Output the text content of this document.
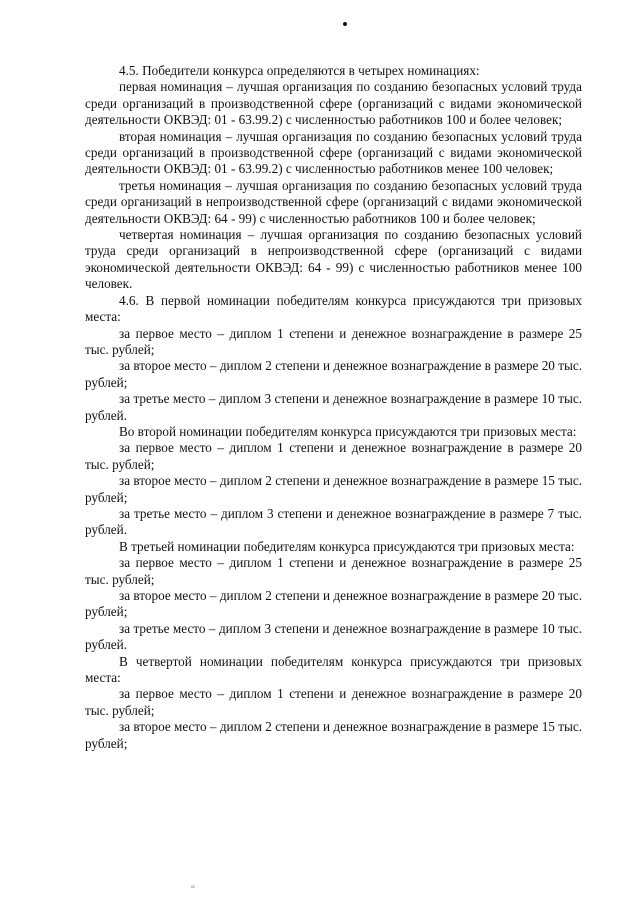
4.5. Победители конкурса определяются в четырех номинациях:

первая номинация – лучшая организация по созданию безопасных условий труда среди организаций в производственной сфере (организаций с видами экономической деятельности ОКВЭД: 01 - 63.99.2) с численностью работников 100 и более человек;

вторая номинация – лучшая организация по созданию безопасных условий труда среди организаций в производственной сфере (организаций с видами экономической деятельности ОКВЭД: 01 - 63.99.2) с численностью работников менее 100 человек;

третья номинация – лучшая организация по созданию безопасных условий труда среди организаций в непроизводственной сфере (организаций с видами экономической деятельности ОКВЭД: 64 - 99) с численностью работников 100 и более человек;

четвертая номинация – лучшая организация по созданию безопасных условий труда среди организаций в непроизводственной сфере (организаций с видами экономической деятельности ОКВЭД: 64 - 99) с численностью работников менее 100 человек.

4.6. В первой номинации победителям конкурса присуждаются три призовых места:

за первое место – диплом 1 степени и денежное вознаграждение в размере 25 тыс. рублей;

за второе место – диплом 2 степени и денежное вознаграждение в размере 20 тыс. рублей;

за третье место – диплом 3 степени и денежное вознаграждение в размере 10 тыс. рублей.

Во второй номинации победителям конкурса присуждаются три призовых места:

за первое место – диплом 1 степени и денежное вознаграждение в размере 20 тыс. рублей;

за второе место – диплом 2 степени и денежное вознаграждение в размере 15 тыс. рублей;

за третье место – диплом 3 степени и денежное вознаграждение в размере 7 тыс. рублей.

В третьей номинации победителям конкурса присуждаются три призовых места:

за первое место – диплом 1 степени и денежное вознаграждение в размере 25 тыс. рублей;

за второе место – диплом 2 степени и денежное вознаграждение в размере 20 тыс. рублей;

за третье место – диплом 3 степени и денежное вознаграждение в размере 10 тыс. рублей.

В четвертой номинации победителям конкурса присуждаются три призовых места:

за первое место – диплом 1 степени и денежное вознаграждение в размере 20 тыс. рублей;

за второе место – диплом 2 степени и денежное вознаграждение в размере 15 тыс. рублей;

≈
